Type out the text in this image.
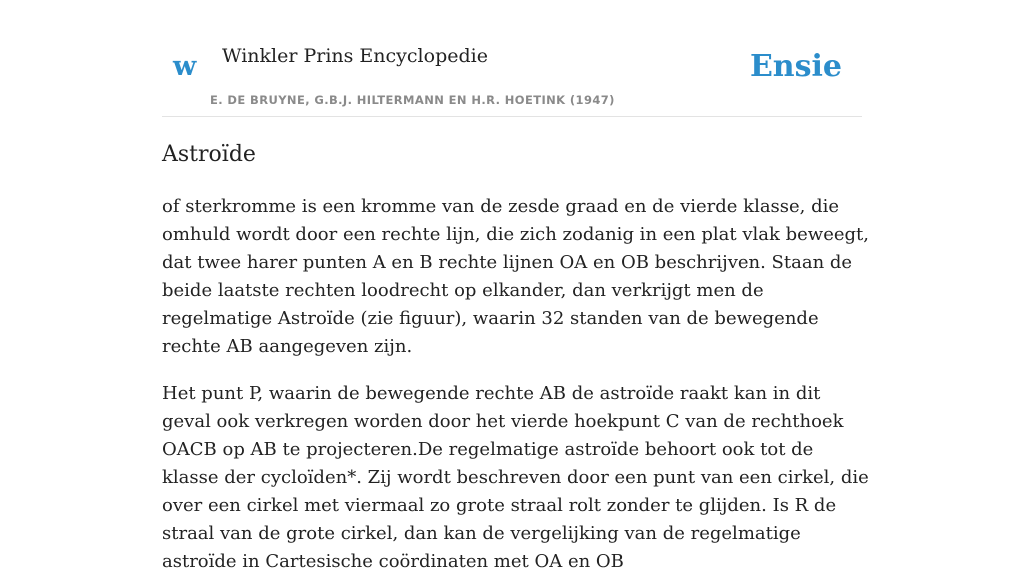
w Winkler Prins Encyclopedie
E. DE BRUYNE, G.B.J. HILTERMANN EN H.R. HOETINK (1947)
Ensie
Astroïde

of sterkromme is een kromme van de zesde graad en de vierde klasse, die omhuld wordt door een rechte lijn, die zich zodanig in een plat vlak beweegt, dat twee harer punten A en B rechte lijnen OA en OB beschrijven. Staan de beide laatste rechten loodrecht op elkander, dan verkrijgt men de regelmatige Astroïde (zie figuur), waarin 32 standen van de bewegende rechte AB aangegeven zijn.

Het punt P, waarin de bewegende rechte AB de astroïde raakt kan in dit geval ook verkregen worden door het vierde hoekpunt C van de rechthoek OACB op AB te projecteren.De regelmatige astroïde behoort ook tot de klasse der cycloïden*. Zij wordt beschreven door een punt van een cirkel, die over een cirkel met viermaal zo grote straal rolt zonder te glijden. Is R de straal van de grote cirkel, dan kan de vergelijking van de regelmatige astroïde in Cartesische coördinaten met OA en OB
